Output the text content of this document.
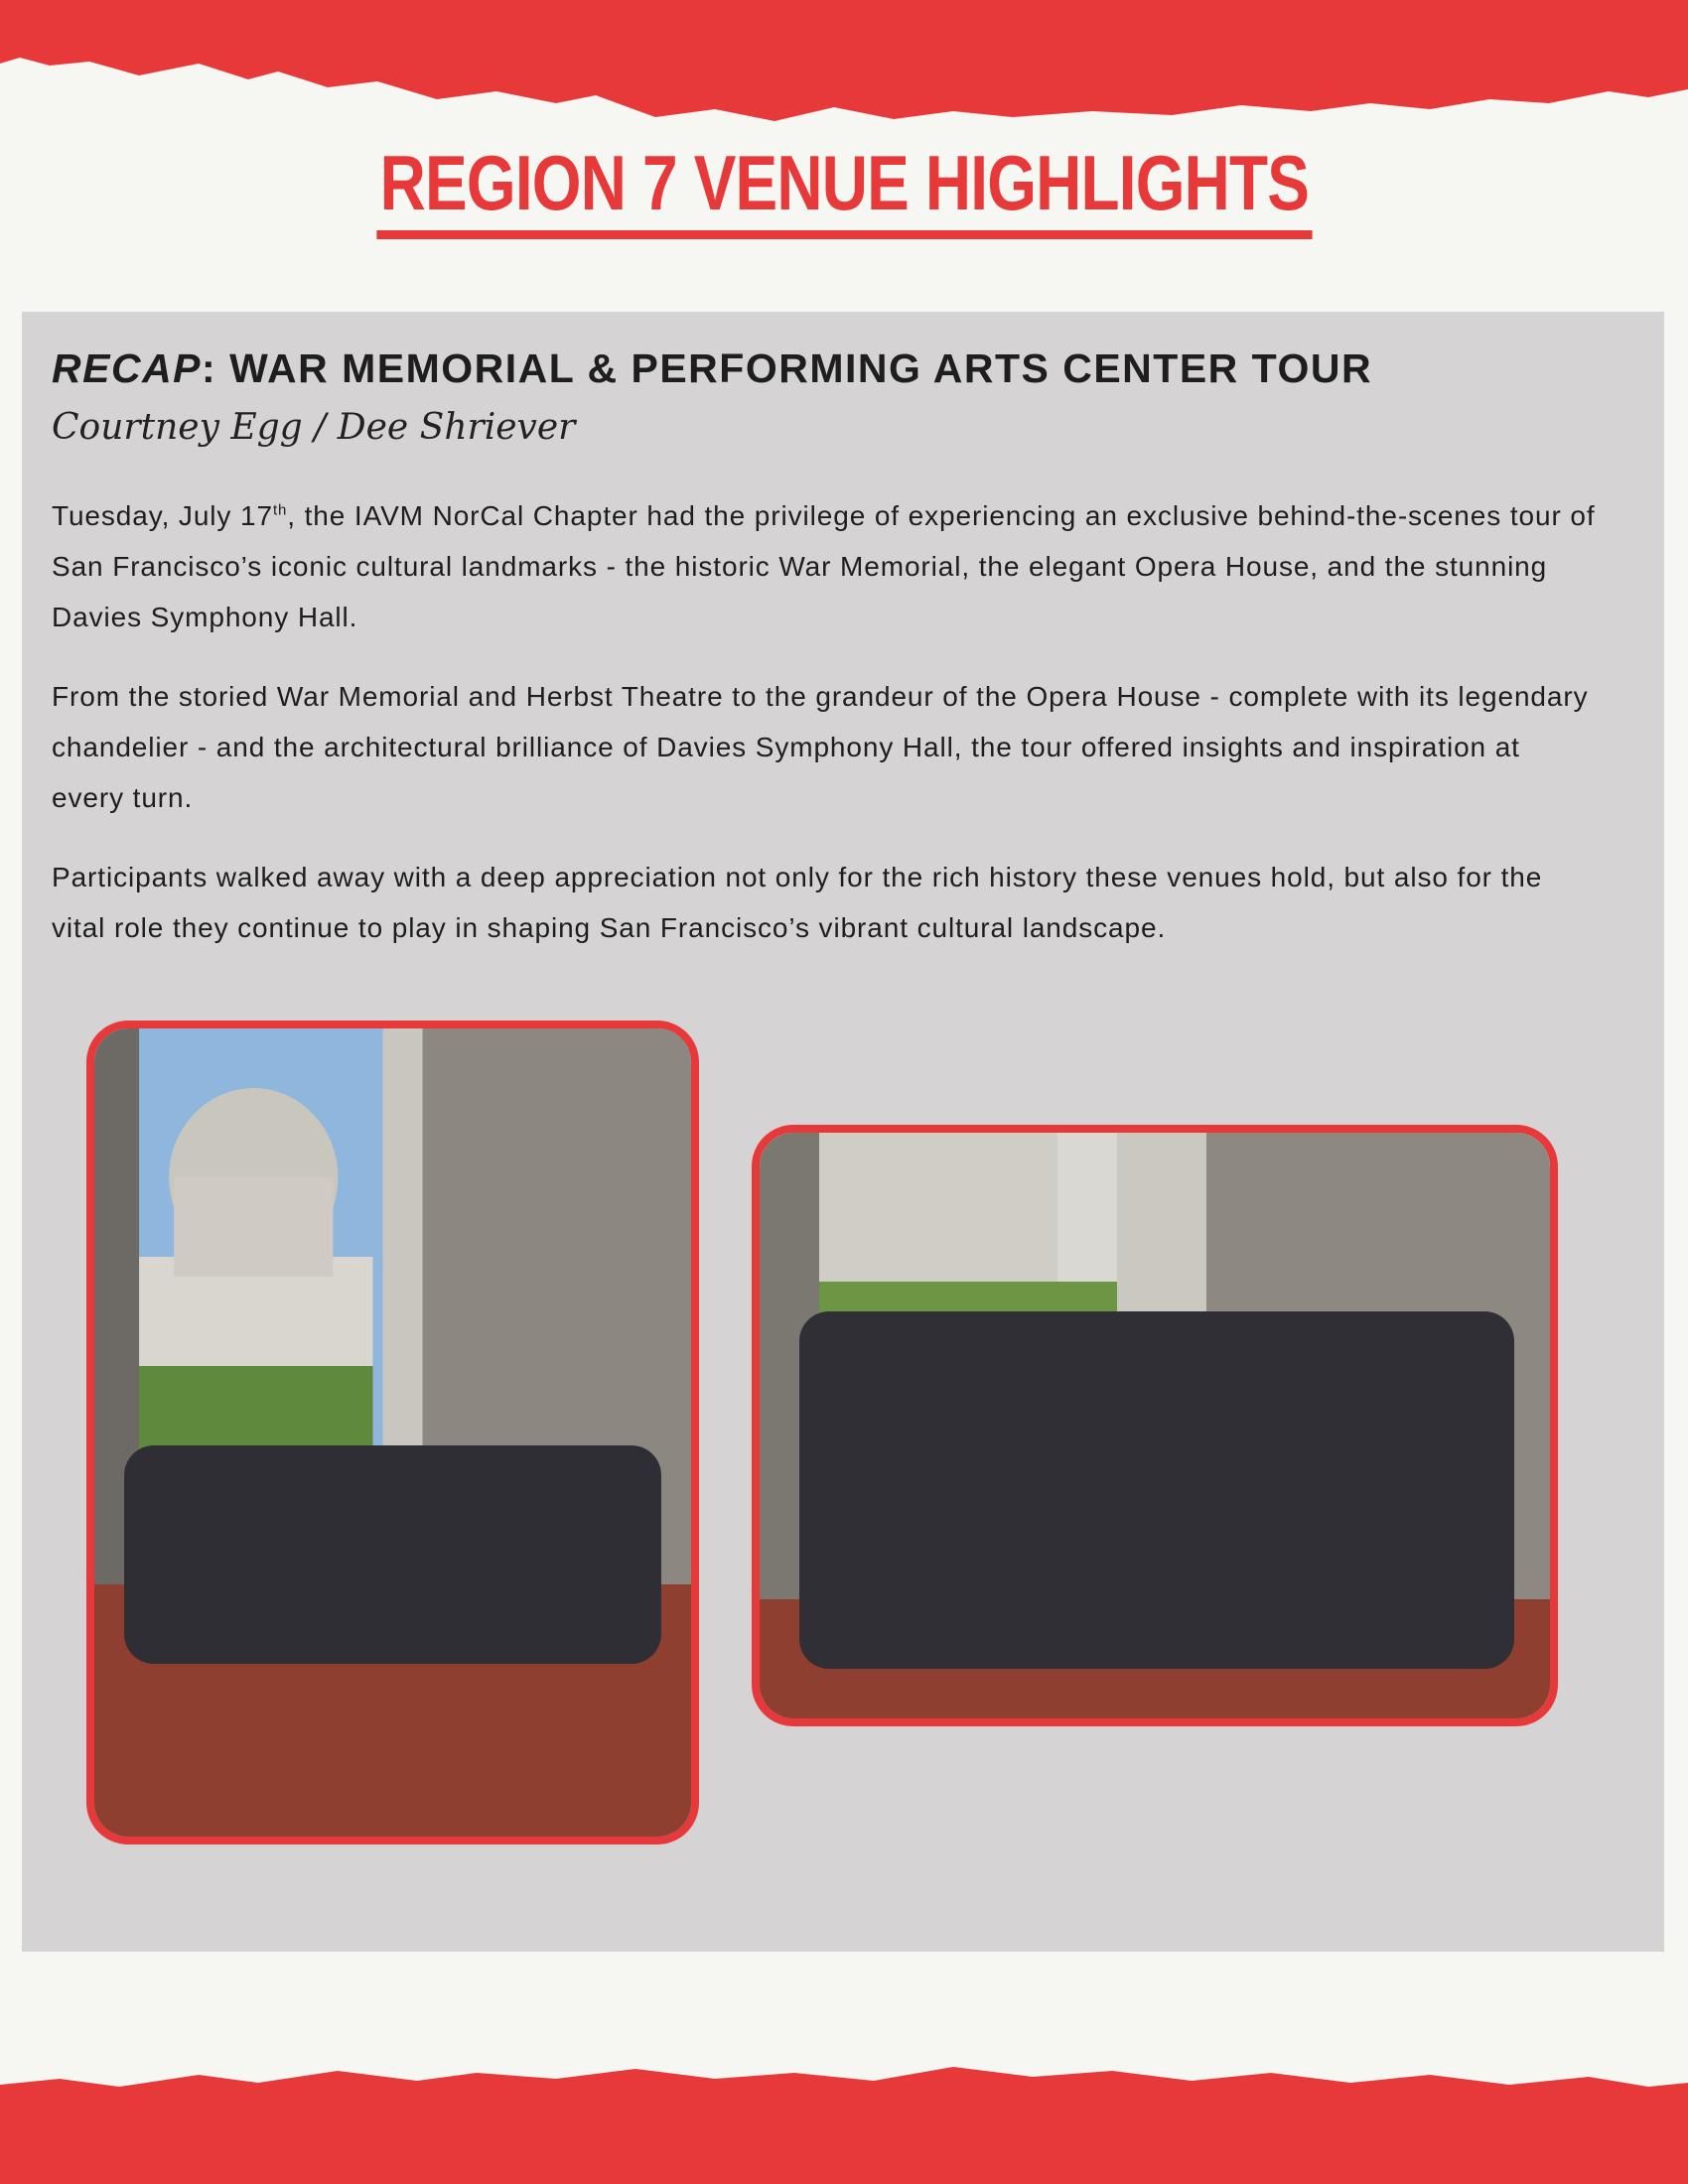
REGION 7 VENUE HIGHLIGHTS
RECAP: WAR MEMORIAL & PERFORMING ARTS CENTER TOUR
Courtney Egg / Dee Shriever

Tuesday, July 17th, the IAVM NorCal Chapter had the privilege of experiencing an exclusive behind-the-scenes tour of San Francisco’s iconic cultural landmarks - the historic War Memorial, the elegant Opera House, and the stunning Davies Symphony Hall.

From the storied War Memorial and Herbst Theatre to the grandeur of the Opera House - complete with its legendary chandelier - and the architectural brilliance of Davies Symphony Hall, the tour offered insights and inspiration at every turn.

Participants walked away with a deep appreciation not only for the rich history these venues hold, but also for the vital role they continue to play in shaping San Francisco’s vibrant cultural landscape.
